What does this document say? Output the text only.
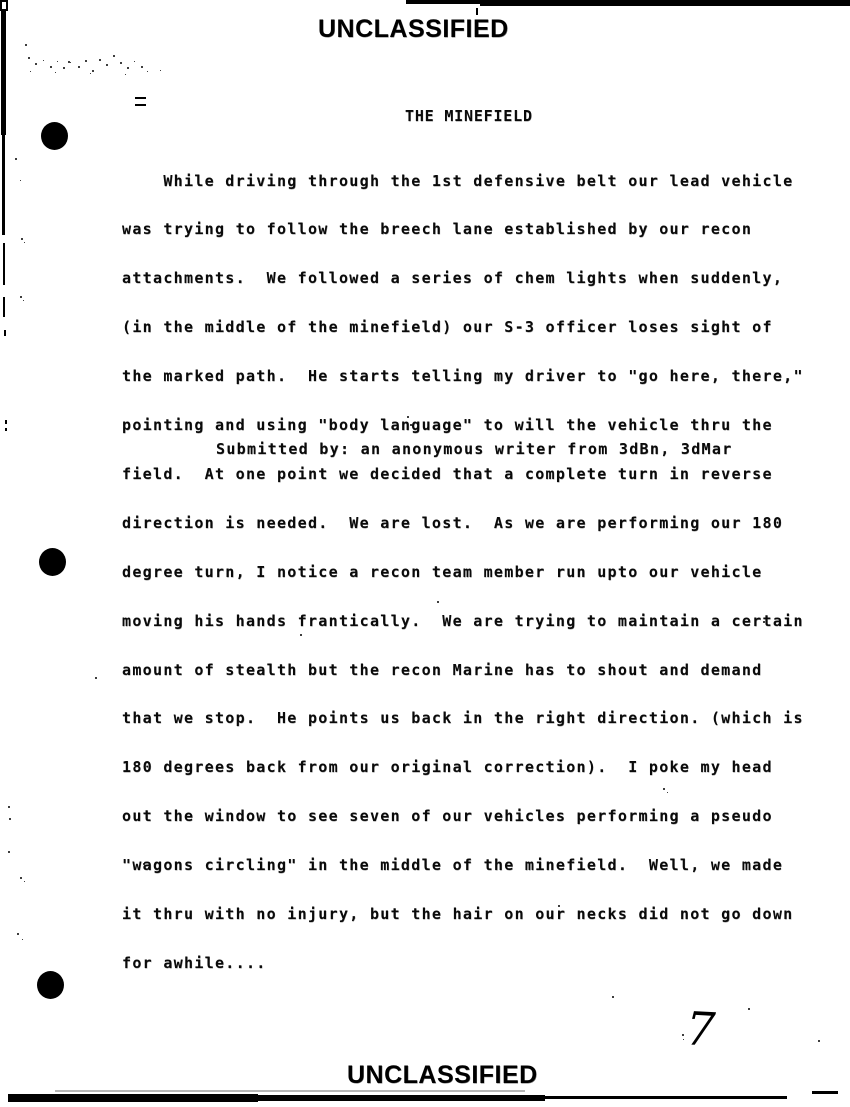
UNCLASSIFIED
UNCLASSIFIED
THE MINEFIELD

While driving through the 1st defensive belt our lead vehicle

was trying to follow the breech lane established by our recon

attachments.  We followed a series of chem lights when suddenly,

(in the middle of the minefield) our S-3 officer loses sight of

the marked path.  He starts telling my driver to "go here, there,"

pointing and using "body language" to will the vehicle thru the

field.  At one point we decided that a complete turn in reverse

direction is needed.  We are lost.  As we are performing our 180

degree turn, I notice a recon team member run upto our vehicle

moving his hands frantically.  We are trying to maintain a certain

amount of stealth but the recon Marine has to shout and demand

that we stop.  He points us back in the right direction. (which is

180 degrees back from our original correction).  I poke my head

out the window to see seven of our vehicles performing a pseudo

"wagons circling" in the middle of the minefield.  Well, we made

it thru with no injury, but the hair on our necks did not go down

for awhile....

Submitted by: an anonymous writer from 3dBn, 3dMar
7
